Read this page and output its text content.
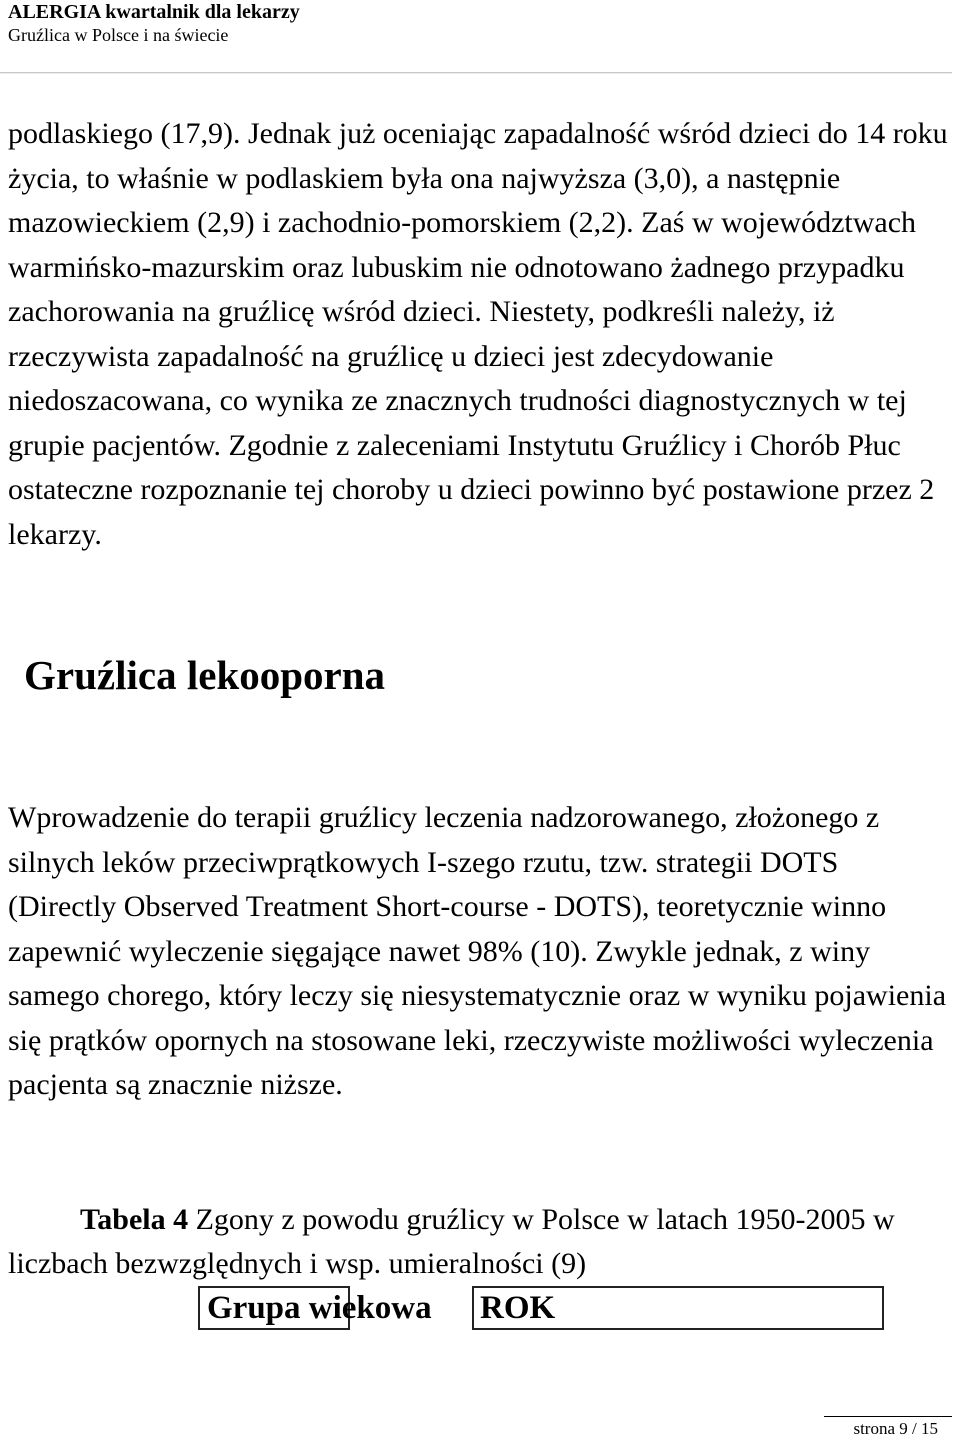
ALERGIA kwartalnik dla lekarzy
Gruźlica w Polsce i na świecie

podlaskiego (17,9). Jednak już oceniając zapadalność wśród dzieci do 14 roku życia, to właśnie w podlaskiem była ona najwyższa (3,0), a następnie mazowieckiem (2,9) i zachodnio-pomorskiem (2,2). Zaś w województwach warmińsko-mazurskim oraz lubuskim nie odnotowano żadnego przypadku zachorowania na gruźlicę wśród dzieci. Niestety, podkreśli należy, iż rzeczywista zapadalność na gruźlicę u dzieci jest zdecydowanie niedoszacowana, co wynika ze znacznych trudności diagnostycznych w tej grupie pacjentów. Zgodnie z zaleceniami Instytutu Gruźlicy i Chorób Płuc ostateczne rozpoznanie tej choroby u dzieci powinno być postawione przez 2 lekarzy.

Gruźlica lekooporna

Wprowadzenie do terapii gruźlicy leczenia nadzorowanego, złożonego z silnych leków przeciwprątkowych I-szego rzutu, tzw. strategii DOTS (Directly Observed Treatment Short-course - DOTS), teoretycznie winno zapewnić wyleczenie sięgające nawet 98% (10). Zwykle jednak, z winy samego chorego, który leczy się niesystematycznie oraz w wyniku pojawienia się prątków opornych na stosowane leki, rzeczywiste możliwości wyleczenia pacjenta są znacznie niższe.

Tabela 4 Zgony z powodu gruźlicy w Polsce w latach 1950-2005 w liczbach bezwzględnych i wsp. umieralności (9)

Grupa wiekowa ROK
strona 9 / 15
